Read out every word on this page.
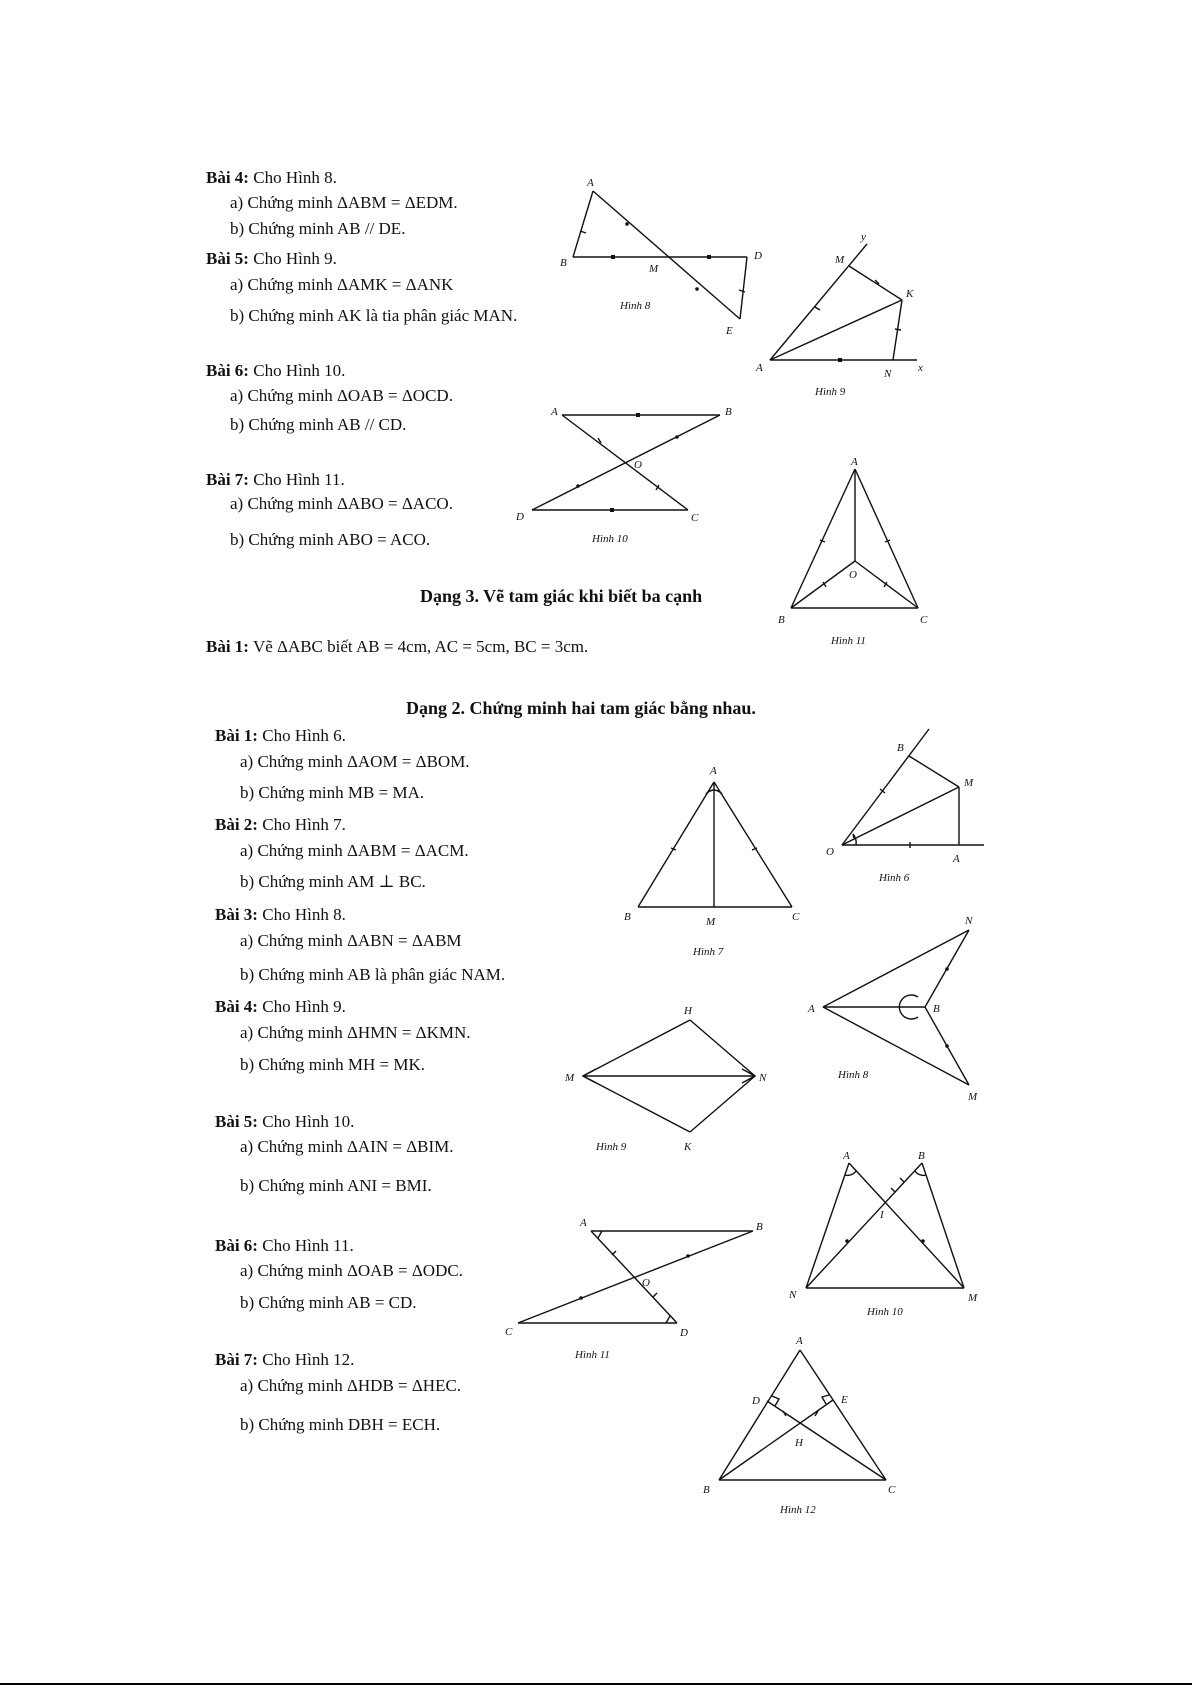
Bài 4: Cho Hình 8.
a) Chứng minh ΔABM = ΔEDM.
b) Chứng minh AB // DE.
Bài 5: Cho Hình 9.
a) Chứng minh ΔAMK = ΔANK
b) Chứng minh AK là tia phân giác MAN.
Bài 6: Cho Hình 10.
a) Chứng minh ΔOAB = ΔOCD.
b) Chứng minh AB // CD.
Bài 7: Cho Hình 11.
a) Chứng minh ΔABO = ΔACO.
b) Chứng minh ABO = ACO.
Dạng 3. Vẽ tam giác khi biết ba cạnh
Bài 1: Vẽ ΔABC biết AB = 4cm, AC = 5cm, BC = 3cm.
Dạng 2. Chứng minh hai tam giác bằng nhau.
Bài 1: Cho Hình 6.
a) Chứng minh ΔAOM = ΔBOM.
b) Chứng minh MB = MA.
Bài 2: Cho Hình 7.
a) Chứng minh ΔABM = ΔACM.
b) Chứng minh AM ⊥ BC.
Bài 3: Cho Hình 8.
a) Chứng minh ΔABN = ΔABM
b) Chứng minh AB là phân giác NAM.
Bài 4: Cho Hình 9.
a) Chứng minh ΔHMN = ΔKMN.
b) Chứng minh MH = MK.
Bài 5: Cho Hình 10.
a) Chứng minh ΔAIN = ΔBIM.
b) Chứng minh ANI = BMI.
Bài 6: Cho Hình 11.
a) Chứng minh ΔOAB = ΔODC.
b) Chứng minh AB = CD.
Bài 7: Cho Hình 12.
a) Chứng minh ΔHDB = ΔHEC.
b) Chứng minh DBH = ECH.
A
B	M
D
E
Hình 8
y
M
K
A	N x
Hình 9
A	B
O
D	C
Hình 10
A
O
B	C
Hình 11
B
M
O
A
Hình 6
A
B	M	C
Hình 7
N
A	B
M
Hình 8
H
M	N
K
Hình 9
A	B
I
N	M
Hình 10
A	B
O
C	D
Hình 11
A
D	E
H
B	C
Hình 12
